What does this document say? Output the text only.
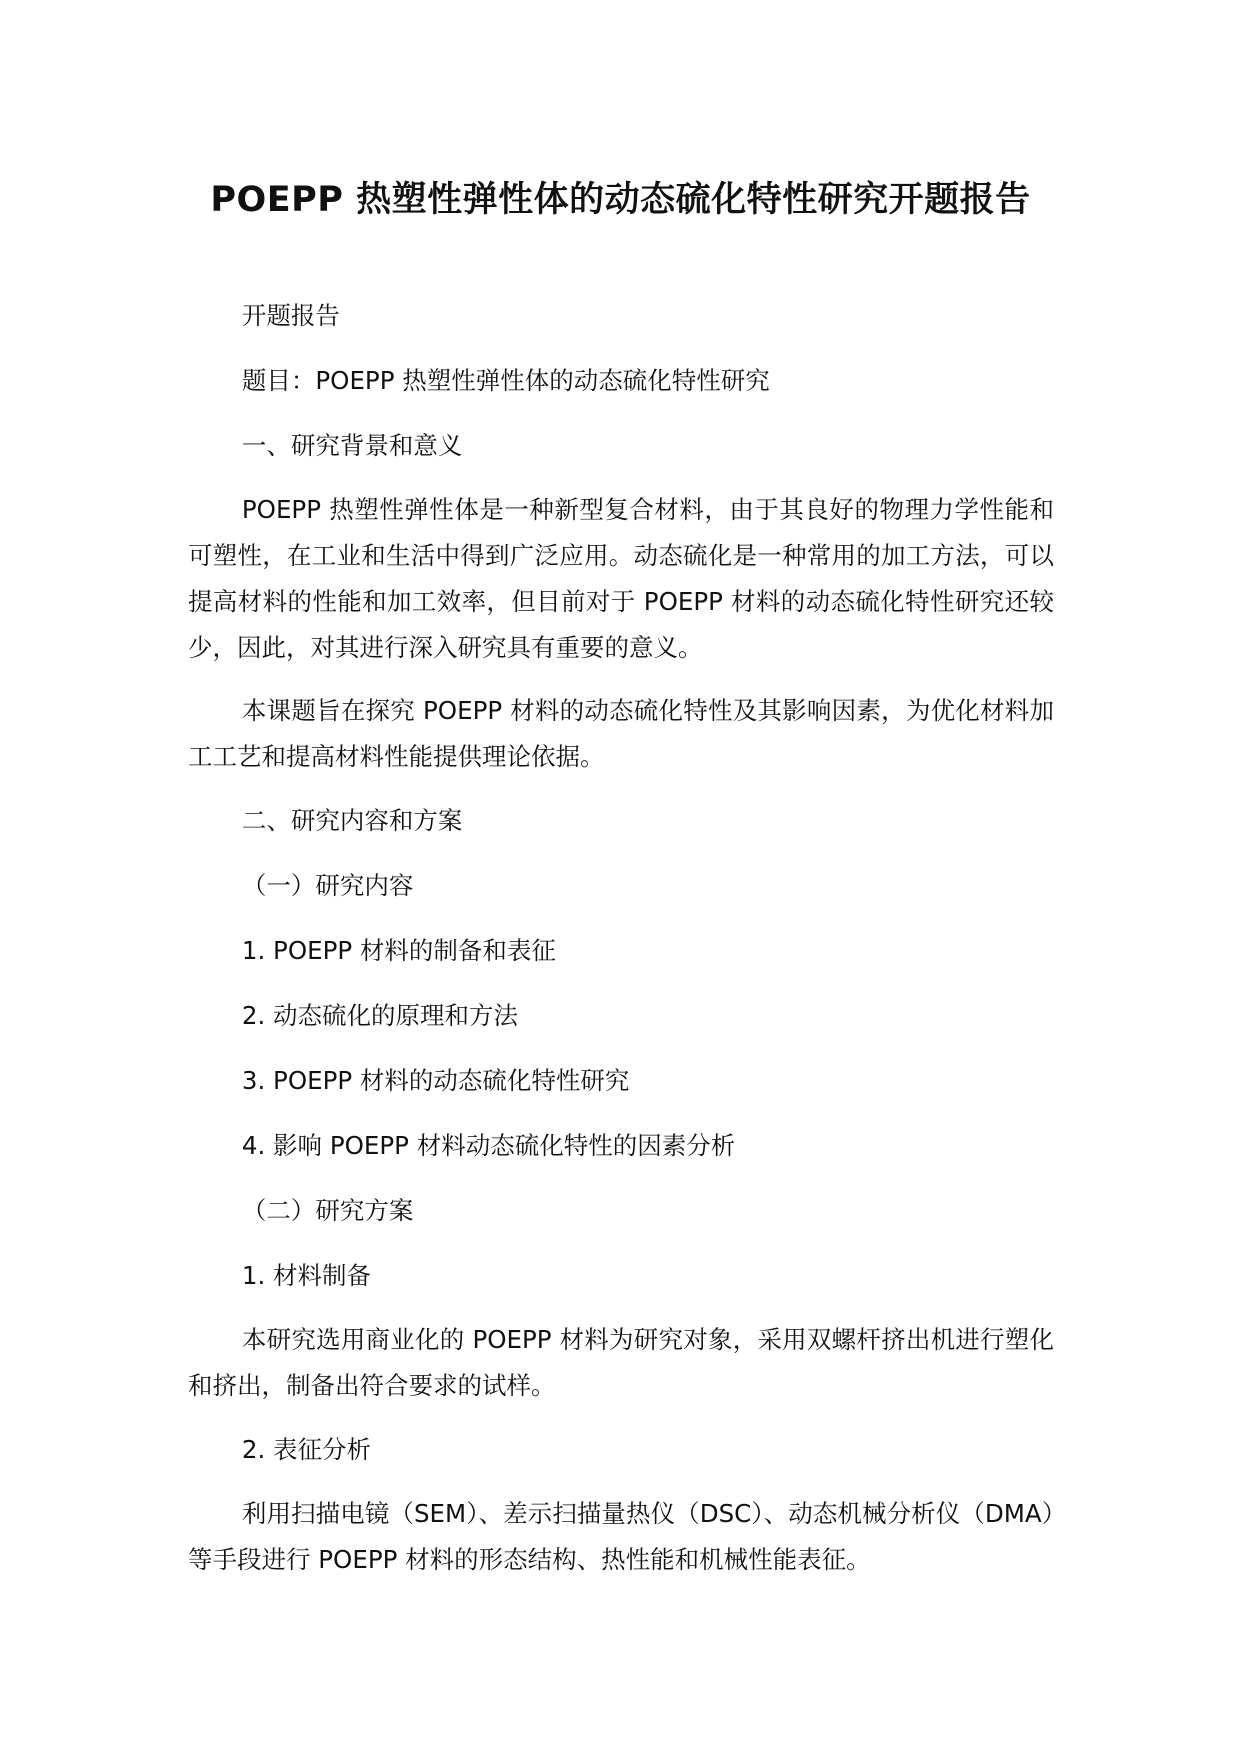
POEPP 热塑性弹性体的动态硫化特性研究开题报告

开题报告

题目：POEPP 热塑性弹性体的动态硫化特性研究

一、研究背景和意义

POEPP 热塑性弹性体是一种新型复合材料，由于其良好的物理力学性能和可塑性，在工业和生活中得到广泛应用。动态硫化是一种常用的加工方法，可以提高材料的性能和加工效率，但目前对于 POEPP 材料的动态硫化特性研究还较少，因此，对其进行深入研究具有重要的意义。

本课题旨在探究 POEPP 材料的动态硫化特性及其影响因素，为优化材料加工工艺和提高材料性能提供理论依据。

二、研究内容和方案

（一）研究内容

1. POEPP 材料的制备和表征

2. 动态硫化的原理和方法

3. POEPP 材料的动态硫化特性研究

4. 影响 POEPP 材料动态硫化特性的因素分析

（二）研究方案

1. 材料制备

本研究选用商业化的 POEPP 材料为研究对象，采用双螺杆挤出机进行塑化和挤出，制备出符合要求的试样。

2. 表征分析

利用扫描电镜（SEM）、差示扫描量热仪（DSC）、动态机械分析仪（DMA）等手段进行 POEPP 材料的形态结构、热性能和机械性能表征。
